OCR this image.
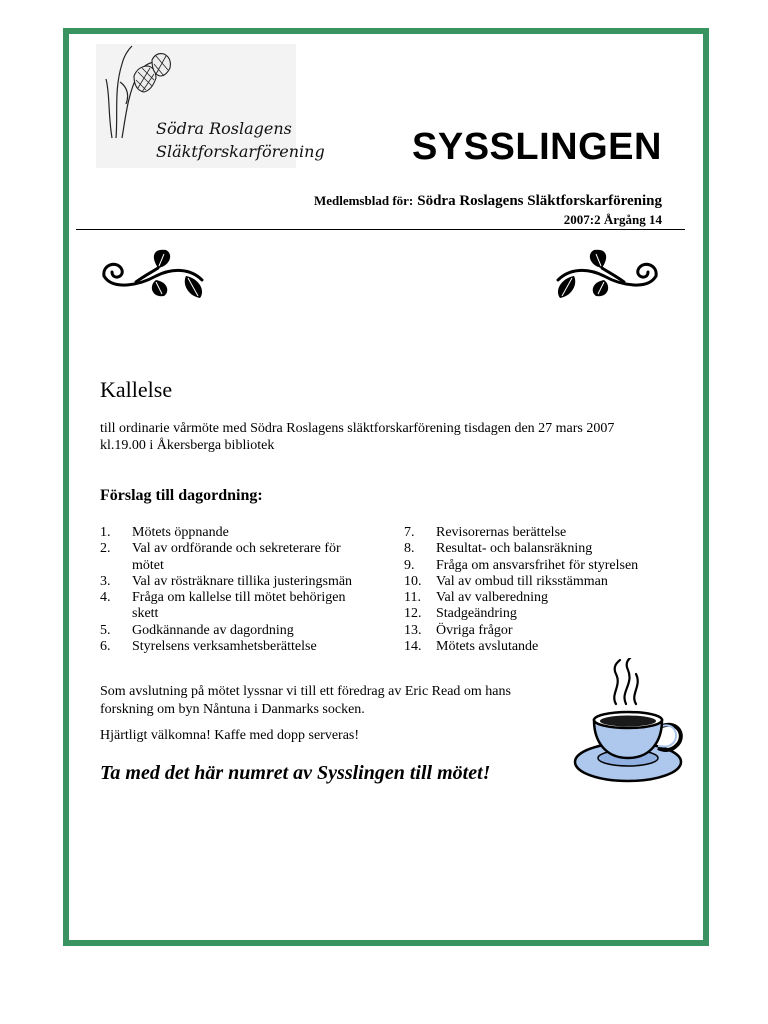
Södra Roslagens
Släktforskarförening SYSSLINGEN
Medlemsblad för: Södra Roslagens Släktforskarförening
2007:2 Årgång 14
Kallelse
till ordinarie vårmöte med Södra Roslagens släktforskarförening tisdagen den 27 mars 2007
kl.19.00 i Åkersberga bibliotek
Förslag till dagordning:
1.	Mötets öppnande
2.	Val av ordförande och sekreterare för mötet
3.	Val av rösträknare tillika justeringsmän
4.	Fråga om kallelse till mötet behörigen skett
5.	Godkännande av dagordning
6.	Styrelsens verksamhetsberättelse
7.	Revisorernas berättelse
8.	Resultat- och balansräkning
9.	Fråga om ansvarsfrihet för styrelsen
10.	Val av ombud till riksstämman
11.	Val av valberedning
12.	Stadgeändring
13.	Övriga frågor
14.	Mötets avslutande
Som avslutning på mötet lyssnar vi till ett föredrag av Eric Read om hans
forskning om byn Nåntuna i Danmarks socken.
Hjärtligt välkomna! Kaffe med dopp serveras!
Ta med det här numret av Sysslingen till mötet!
